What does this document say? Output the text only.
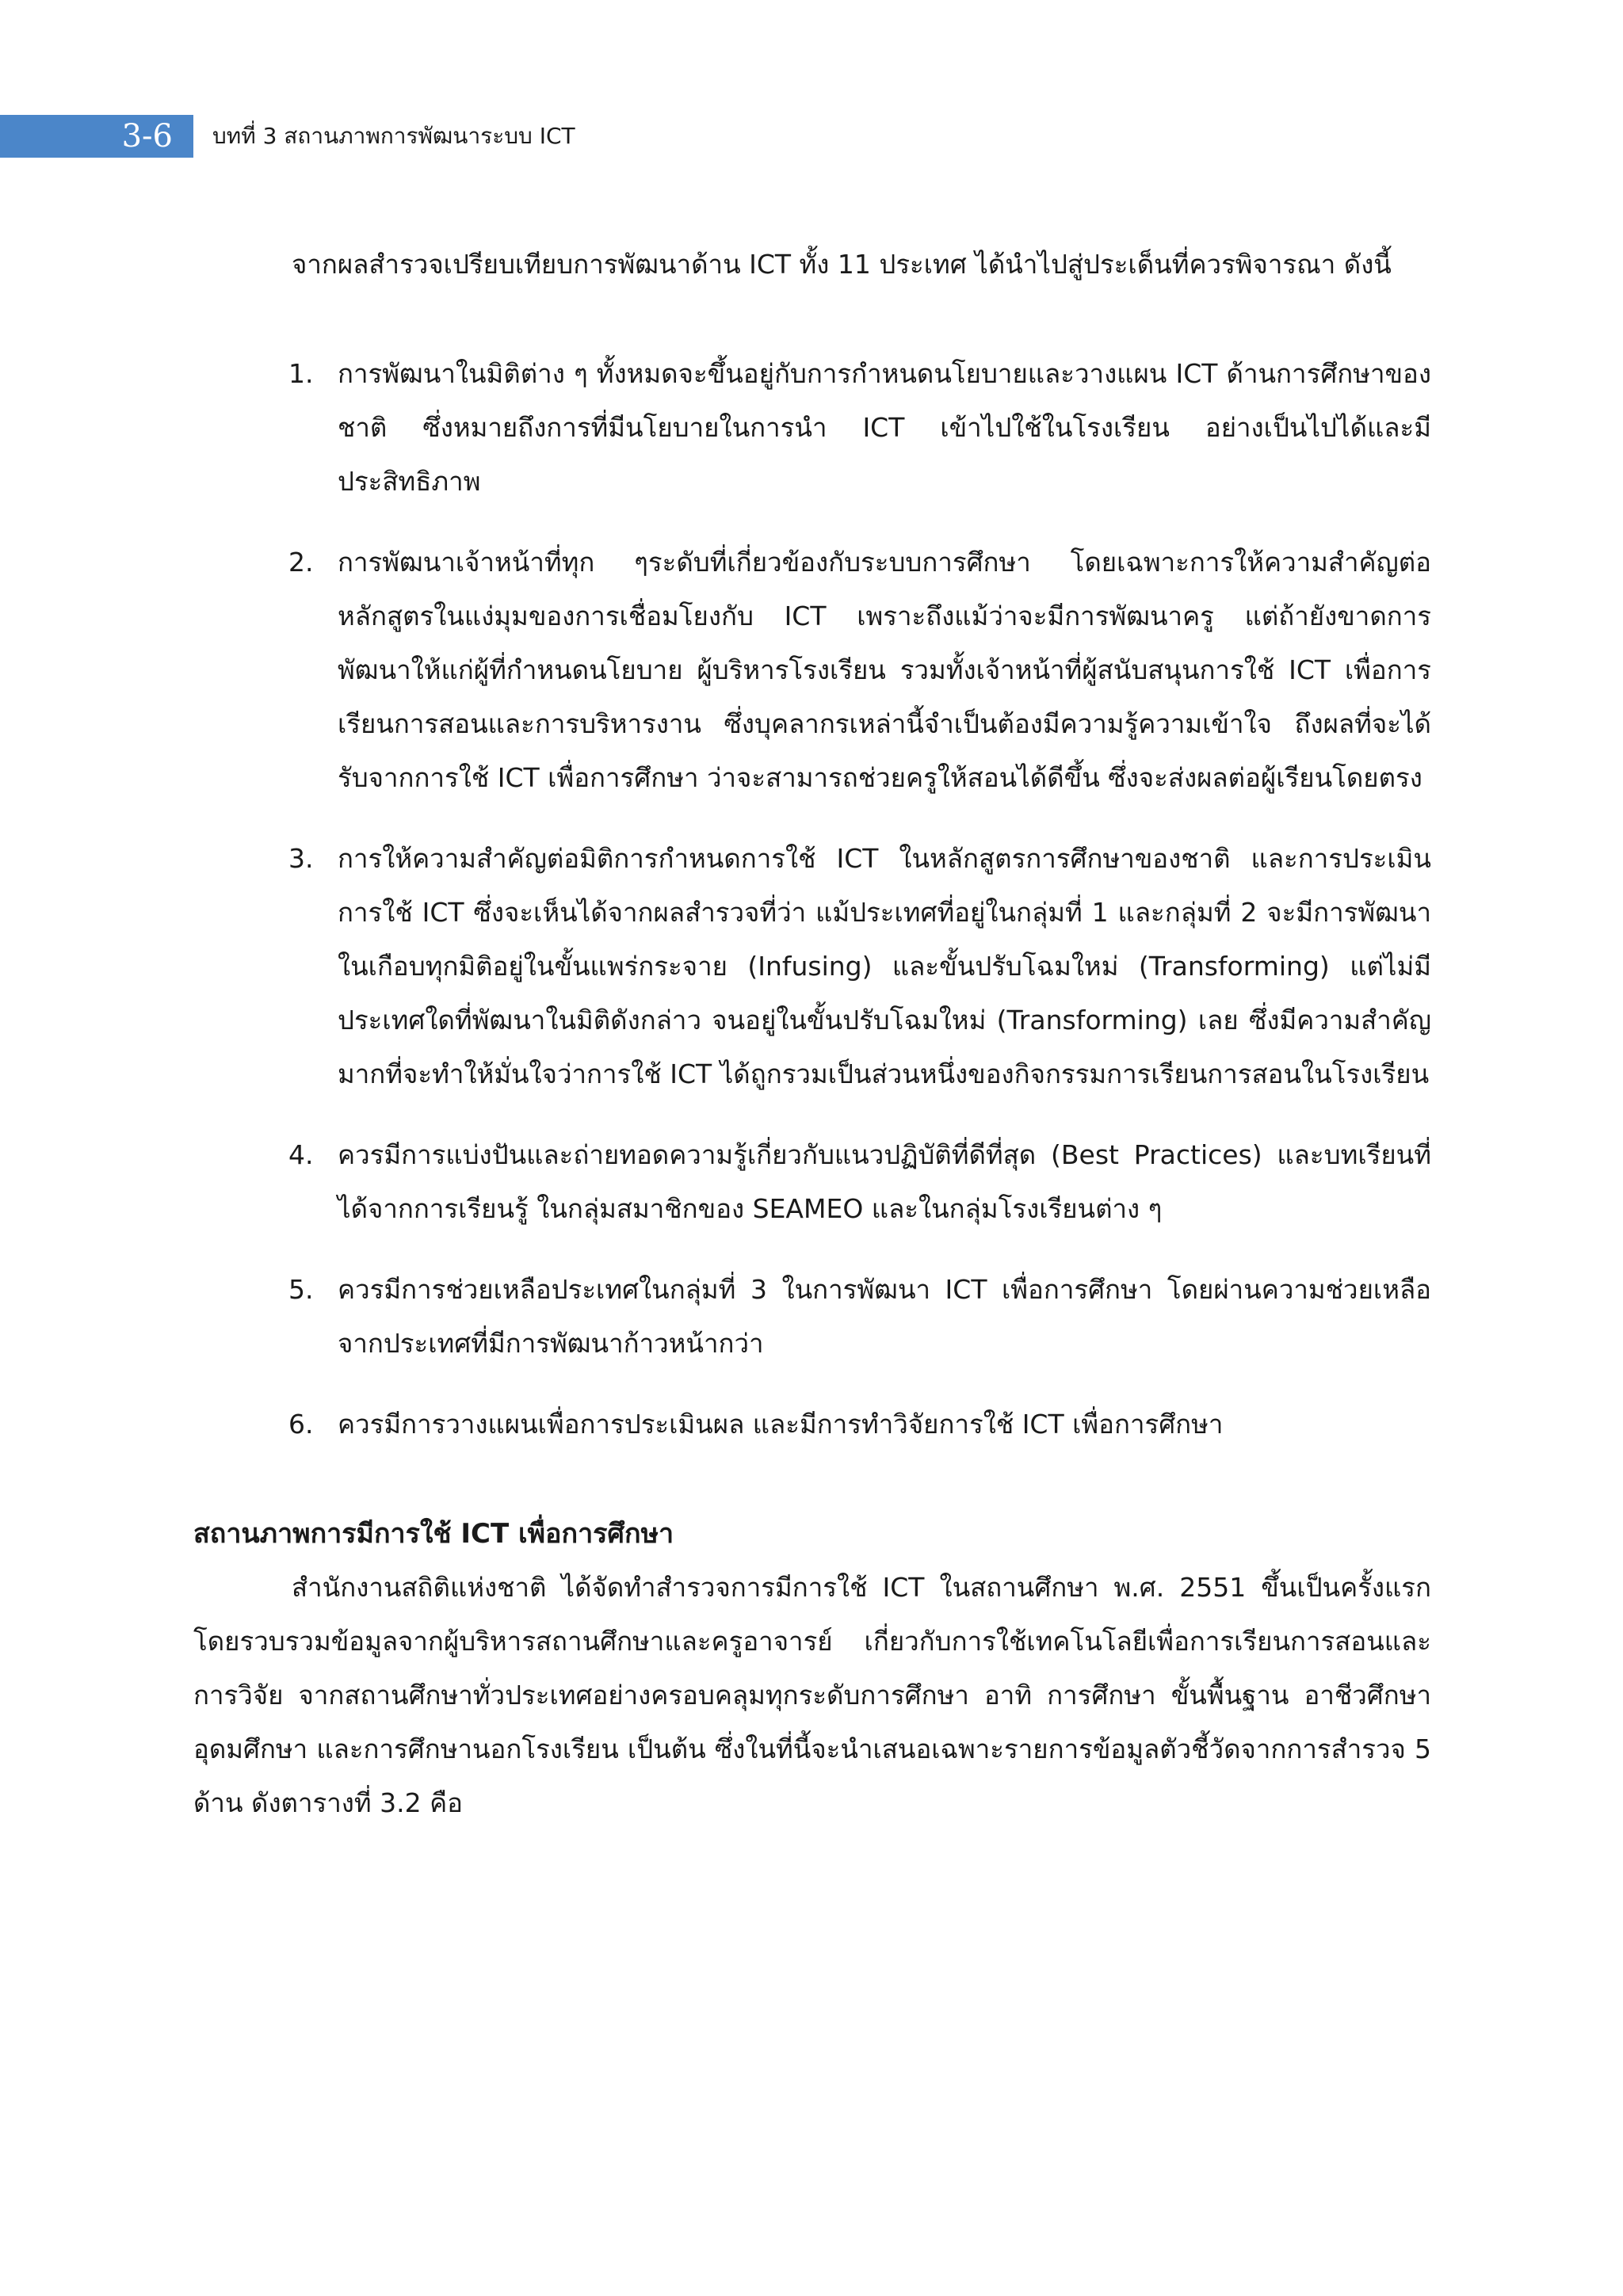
3-6	บทที่ 3 สถานภาพการพัฒนาระบบ ICT

จากผลสำรวจเปรียบเทียบการพัฒนาด้าน ICT ทั้ง 11 ประเทศ ได้นำไปสู่ประเด็นที่ควรพิจารณา ดังนี้

1. การพัฒนาในมิติต่าง ๆ ทั้งหมดจะขึ้นอยู่กับการกำหนดนโยบายและวางแผน ICT ด้านการศึกษาของชาติ ซึ่งหมายถึงการที่มีนโยบายในการนำ ICT เข้าไปใช้ในโรงเรียน อย่างเป็นไปได้และมีประสิทธิภาพ
2. การพัฒนาเจ้าหน้าที่ทุก ๆระดับที่เกี่ยวข้องกับระบบการศึกษา โดยเฉพาะการให้ความสำคัญต่อหลักสูตรในแง่มุมของการเชื่อมโยงกับ ICT เพราะถึงแม้ว่าจะมีการพัฒนาครู แต่ถ้ายังขาดการพัฒนาให้แก่ผู้ที่กำหนดนโยบาย ผู้บริหารโรงเรียน รวมทั้งเจ้าหน้าที่ผู้สนับสนุนการใช้ ICT เพื่อการเรียนการสอนและการบริหารงาน ซึ่งบุคลากรเหล่านี้จำเป็นต้องมีความรู้ความเข้าใจ ถึงผลที่จะได้รับจากการใช้ ICT เพื่อการศึกษา ว่าจะสามารถช่วยครูให้สอนได้ดีขึ้น ซึ่งจะส่งผลต่อผู้เรียนโดยตรง
3. การให้ความสำคัญต่อมิติการกำหนดการใช้ ICT ในหลักสูตรการศึกษาของชาติ และการประเมินการใช้ ICT ซึ่งจะเห็นได้จากผลสำรวจที่ว่า แม้ประเทศที่อยู่ในกลุ่มที่ 1 และกลุ่มที่ 2 จะมีการพัฒนาในเกือบทุกมิติอยู่ในขั้นแพร่กระจาย (Infusing) และขั้นปรับโฉมใหม่ (Transforming) แต่ไม่มีประเทศใดที่พัฒนาในมิติดังกล่าว จนอยู่ในขั้นปรับโฉมใหม่ (Transforming) เลย ซึ่งมีความสำคัญมากที่จะทำให้มั่นใจว่าการใช้ ICT ได้ถูกรวมเป็นส่วนหนึ่งของกิจกรรมการเรียนการสอนในโรงเรียน
4. ควรมีการแบ่งปันและถ่ายทอดความรู้เกี่ยวกับแนวปฏิบัติที่ดีที่สุด (Best Practices) และบทเรียนที่ได้จากการเรียนรู้ ในกลุ่มสมาชิกของ SEAMEO และในกลุ่มโรงเรียนต่าง ๆ
5. ควรมีการช่วยเหลือประเทศในกลุ่มที่ 3 ในการพัฒนา ICT เพื่อการศึกษา โดยผ่านความช่วยเหลือจากประเทศที่มีการพัฒนาก้าวหน้ากว่า
6. ควรมีการวางแผนเพื่อการประเมินผล และมีการทำวิจัยการใช้ ICT เพื่อการศึกษา

สถานภาพการมีการใช้ ICT เพื่อการศึกษา

สำนักงานสถิติแห่งชาติ ได้จัดทำสำรวจการมีการใช้ ICT ในสถานศึกษา พ.ศ. 2551 ขึ้นเป็นครั้งแรก โดยรวบรวมข้อมูลจากผู้บริหารสถานศึกษาและครูอาจารย์ เกี่ยวกับการใช้เทคโนโลยีเพื่อการเรียนการสอนและการวิจัย จากสถานศึกษาทั่วประเทศอย่างครอบคลุมทุกระดับการศึกษา อาทิ การศึกษา ขั้นพื้นฐาน อาชีวศึกษา อุดมศึกษา และการศึกษานอกโรงเรียน เป็นต้น ซึ่งในที่นี้จะนำเสนอเฉพาะรายการข้อมูลตัวชี้วัดจากการสำรวจ 5 ด้าน ดังตารางที่ 3.2 คือ
